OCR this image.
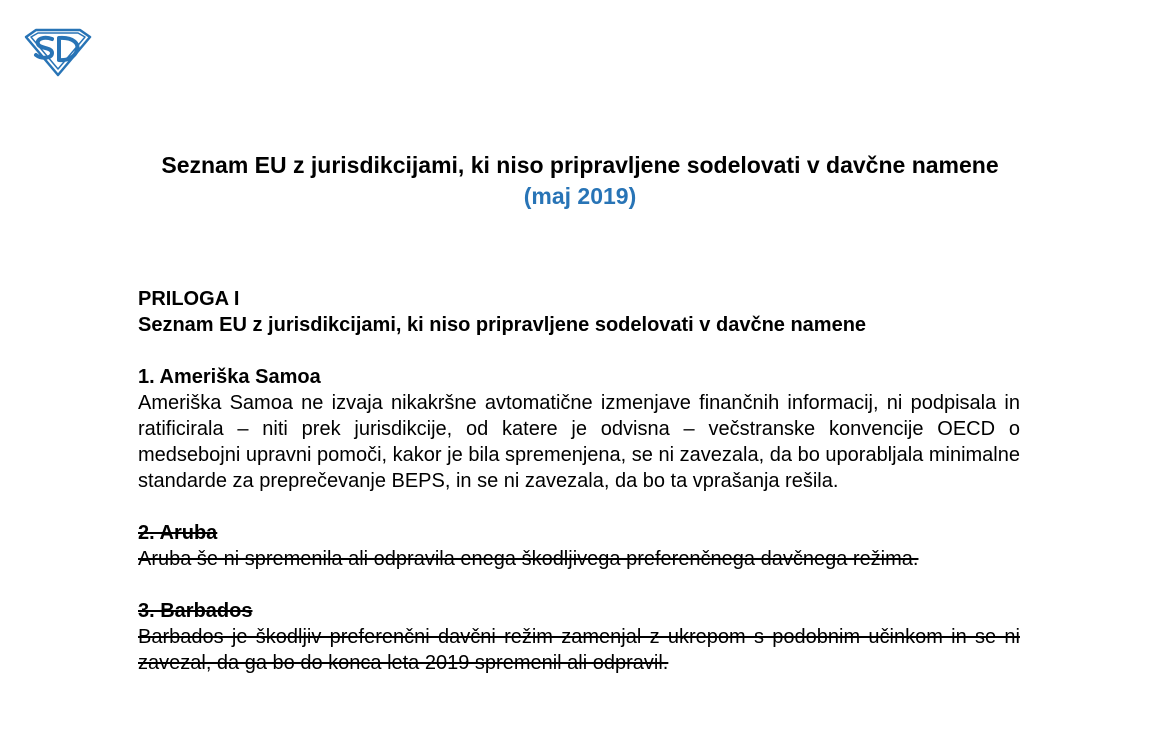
Seznam EU z jurisdikcijami, ki niso pripravljene sodelovati v davčne namene

(maj 2019)

PRILOGA I

Seznam EU z jurisdikcijami, ki niso pripravljene sodelovati v davčne namene

1. Ameriška Samoa

Ameriška Samoa ne izvaja nikakršne avtomatične izmenjave finančnih informacij, ni podpisala in ratificirala – niti prek jurisdikcije, od katere je odvisna – večstranske konvencije OECD o medsebojni upravni pomoči, kakor je bila spremenjena, se ni zavezala, da bo uporabljala minimalne standarde za preprečevanje BEPS, in se ni zavezala, da bo ta vprašanja rešila.

2. Aruba

Aruba še ni spremenila ali odpravila enega škodljivega preferenčnega davčnega režima.

3. Barbados

Barbados je škodljiv preferenčni davčni režim zamenjal z ukrepom s podobnim učinkom in se ni zavezal, da ga bo do konca leta 2019 spremenil ali odpravil.
